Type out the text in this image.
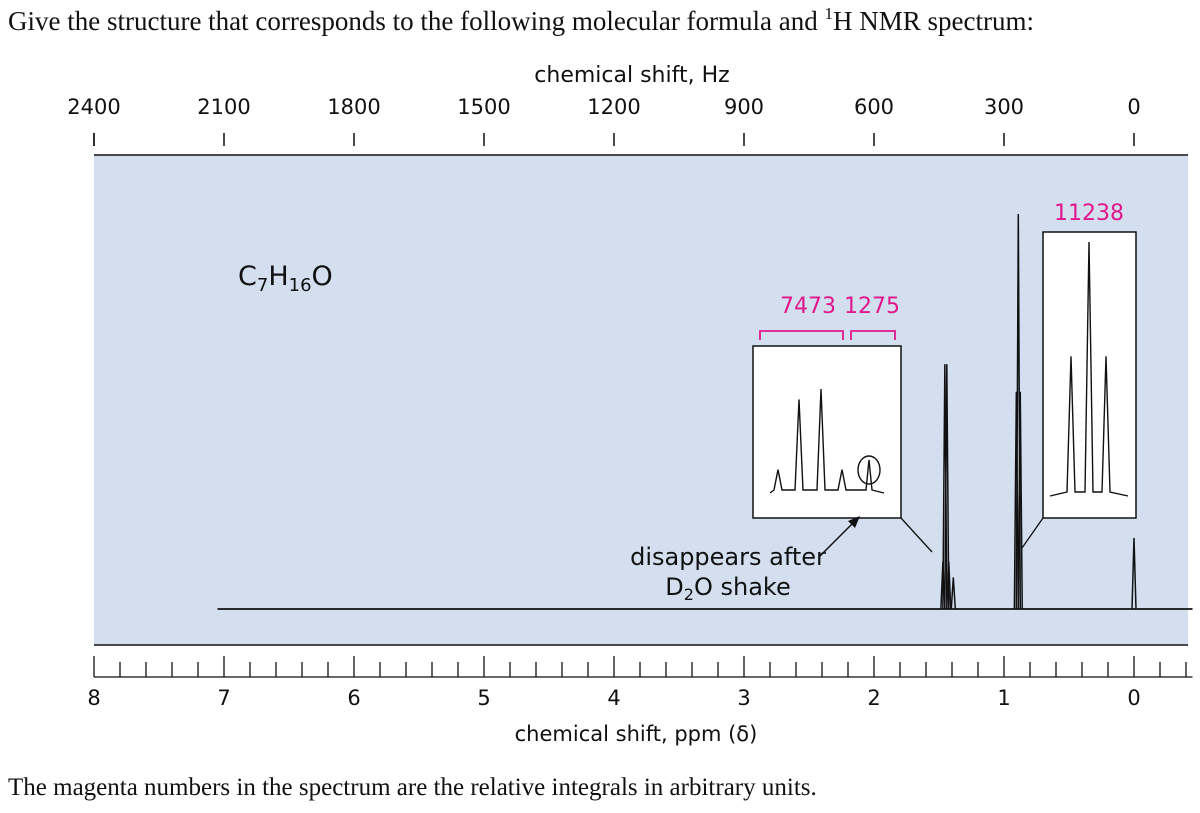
Give the structure that corresponds to the following molecular formula and $^1$H NMR spectrum:
2400	2100	1800	1500	1200	900	600	300	0
chemical shift, Hz
$C_7H_{16}O$
7473 1275
11238
disappears after
$D_2O$ shake
8	7	6	5	4	3	2	1	0
chemical shift, ppm (δ)
The magenta numbers in the spectrum are the relative integrals in arbitrary units.
